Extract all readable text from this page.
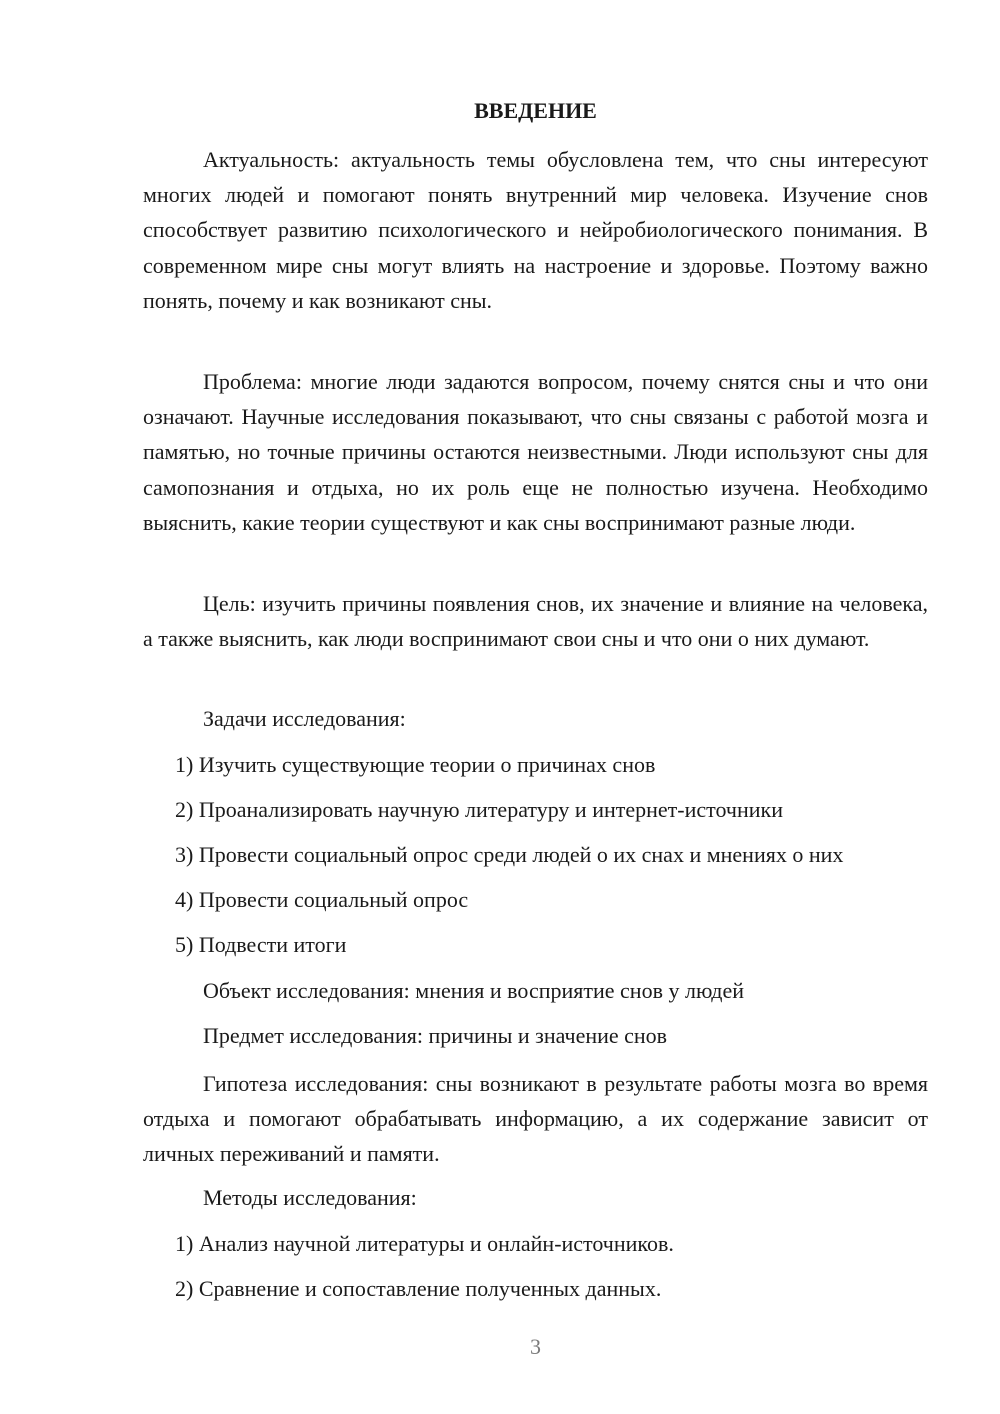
ВВЕДЕНИЕ

Актуальность: актуальность темы обусловлена тем, что сны интересуют многих людей и помогают понять внутренний мир человека. Изучение снов способствует развитию психологического и нейробиологического понимания. В современном мире сны могут влиять на настроение и здоровье. Поэтому важно понять, почему и как возникают сны.

Проблема: многие люди задаются вопросом, почему снятся сны и что они означают. Научные исследования показывают, что сны связаны с работой мозга и памятью, но точные причины остаются неизвестными. Люди используют сны для самопознания и отдыха, но их роль еще не полностью изучена. Необходимо выяснить, какие теории существуют и как сны воспринимают разные люди.

Цель: изучить причины появления снов, их значение и влияние на человека, а также выяснить, как люди воспринимают свои сны и что они о них думают.

Задачи исследования:
1) Изучить существующие теории о причинах снов
2) Проанализировать научную литературу и интернет-источники
3) Провести социальный опрос среди людей о их снах и мнениях о них
4) Провести социальный опрос
5) Подвести итоги
Объект исследования: мнения и восприятие снов у людей
Предмет исследования: причины и значение снов

Гипотеза исследования: сны возникают в результате работы мозга во время отдыха и помогают обрабатывать информацию, а их содержание зависит от личных переживаний и памяти.

Методы исследования:
1) Анализ научной литературы и онлайн-источников.
2) Сравнение и сопоставление полученных данных.
3
